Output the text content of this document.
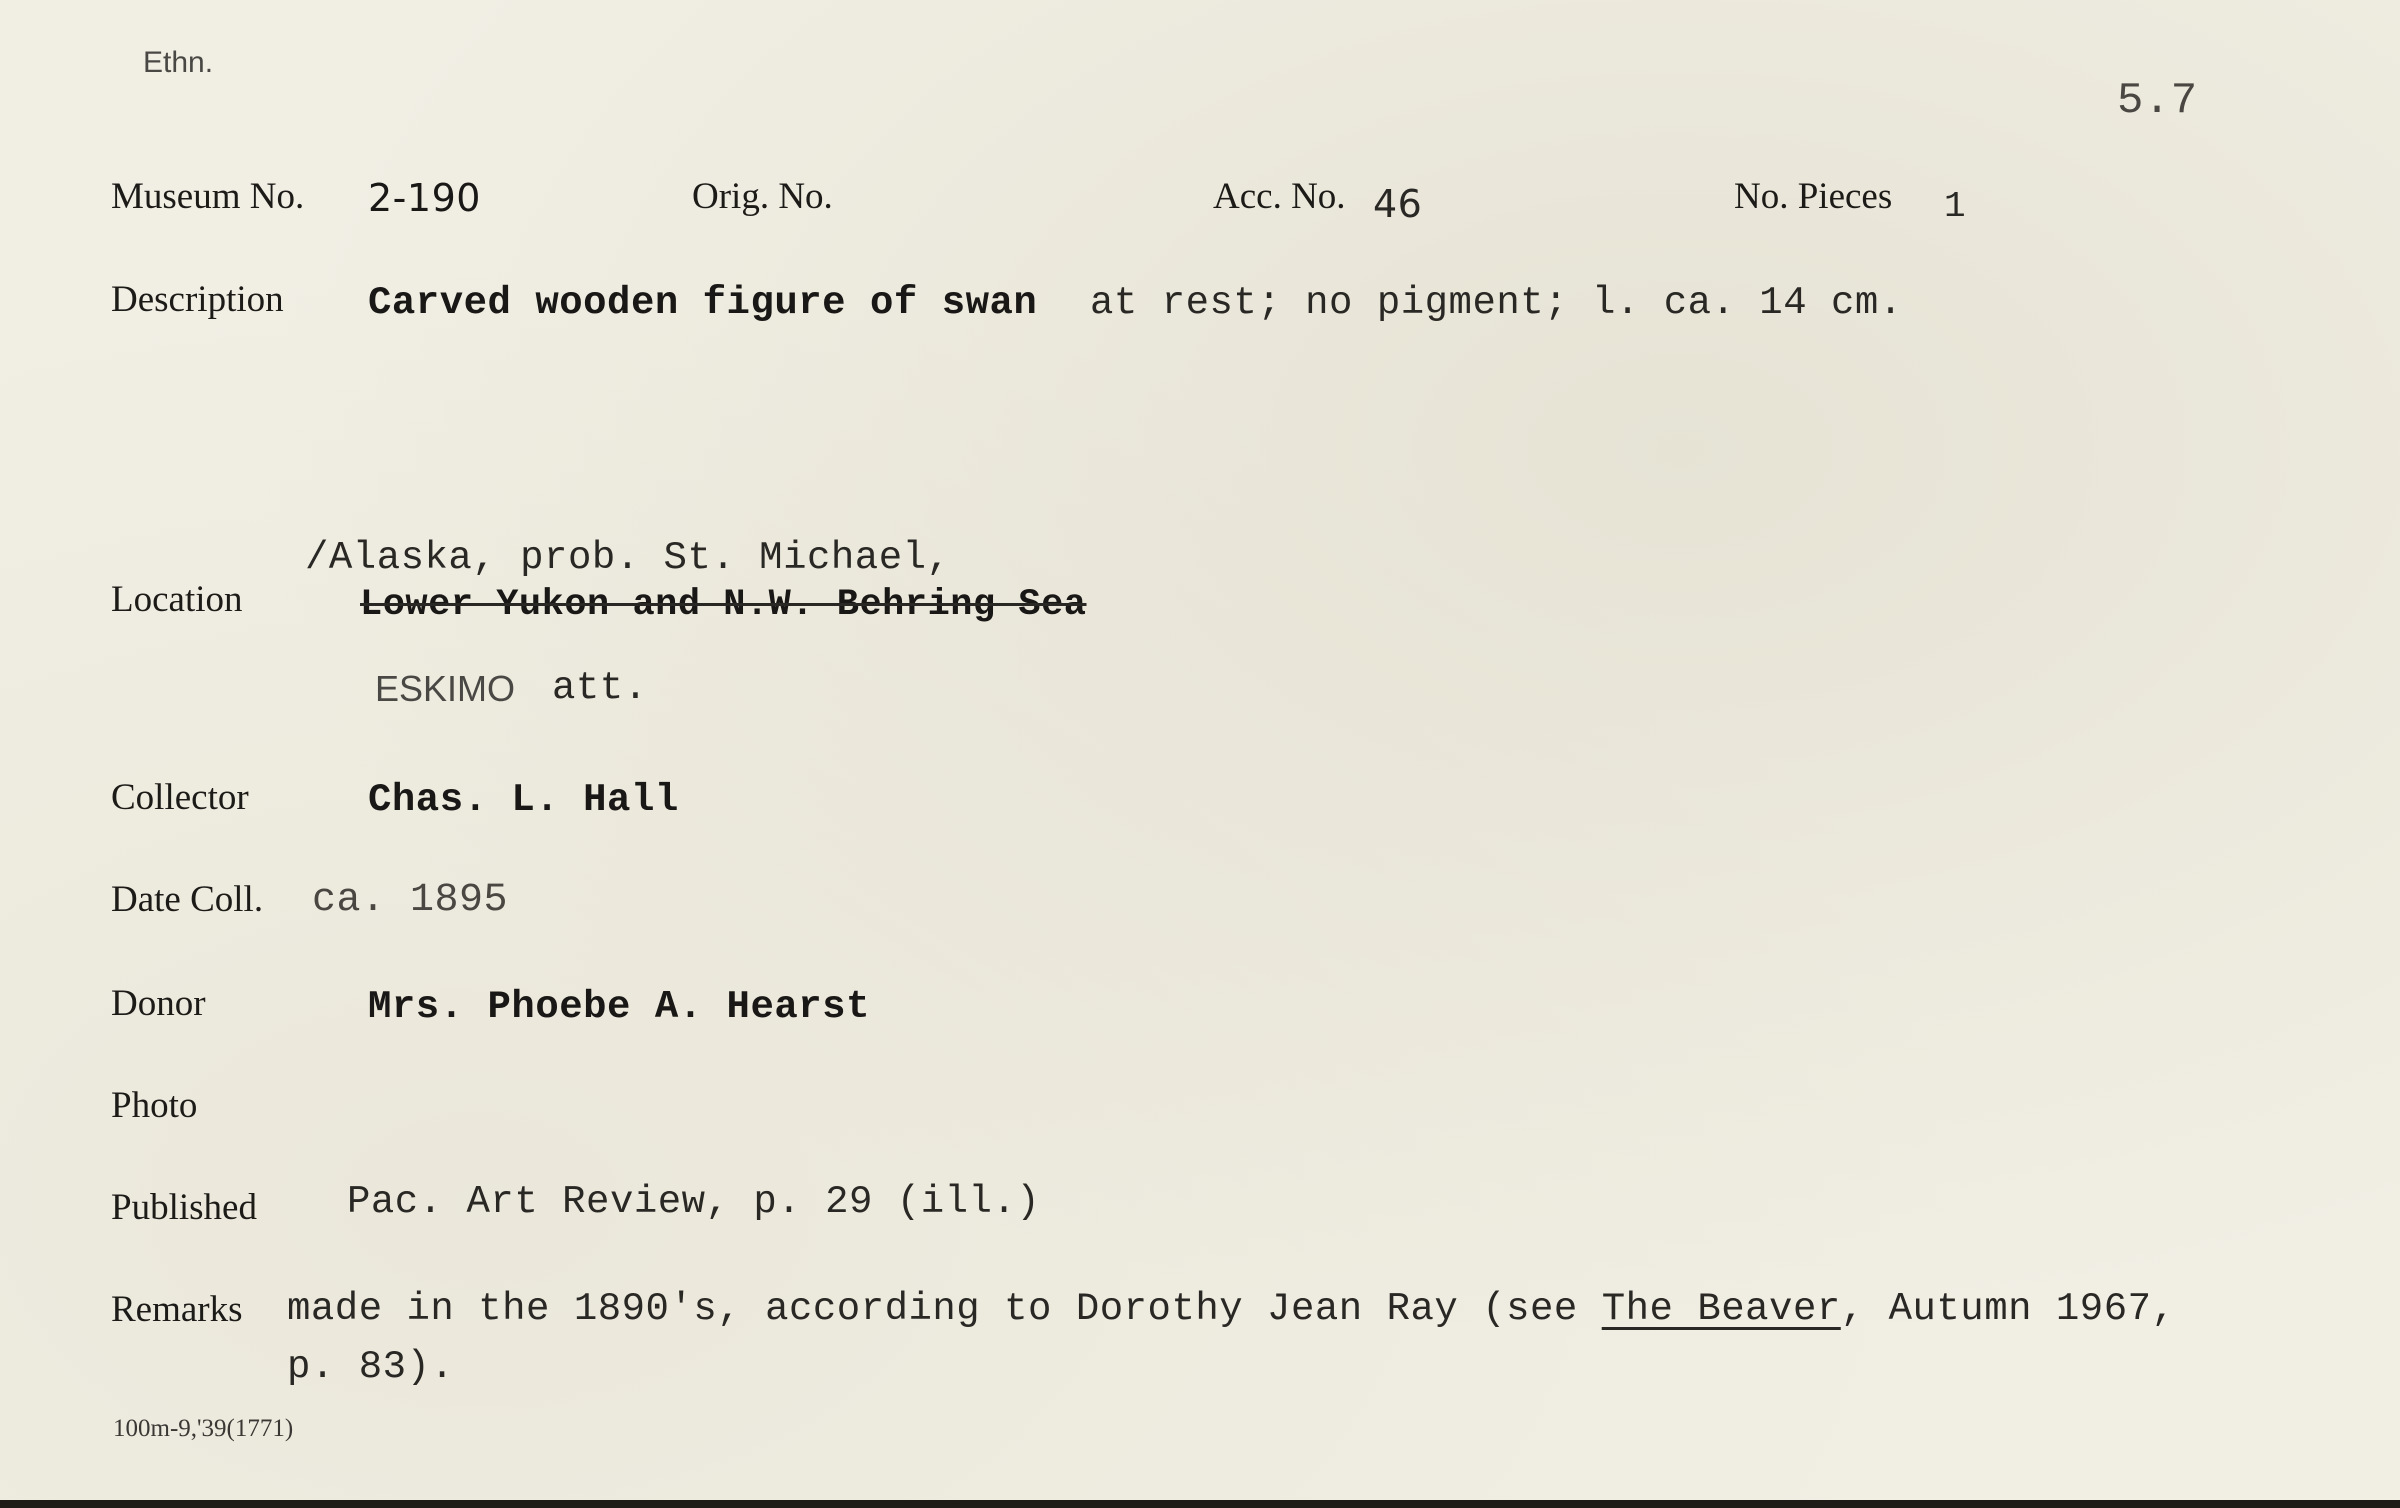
Ethn.
5.7
Museum No. 2-190	Orig. No.	Acc. No. 46	No. Pieces 1
Description Carved wooden figure of swan at rest; no pigment; l. ca. 14 cm.
/Alaska, prob. St. Michael,
Location	Lower Yukon and N.W. Behring Sea
ESKIMO att.
Collector	Chas. L. Hall
Date Coll. ca. 1895
Donor	Mrs. Phoebe A. Hearst
Photo
Published Pac. Art Review, p. 29 (ill.)
Remarks made in the 1890's, according to Dorothy Jean Ray (see The Beaver, Autumn 1967,
p. 83).
100m-9,'39(1771)
